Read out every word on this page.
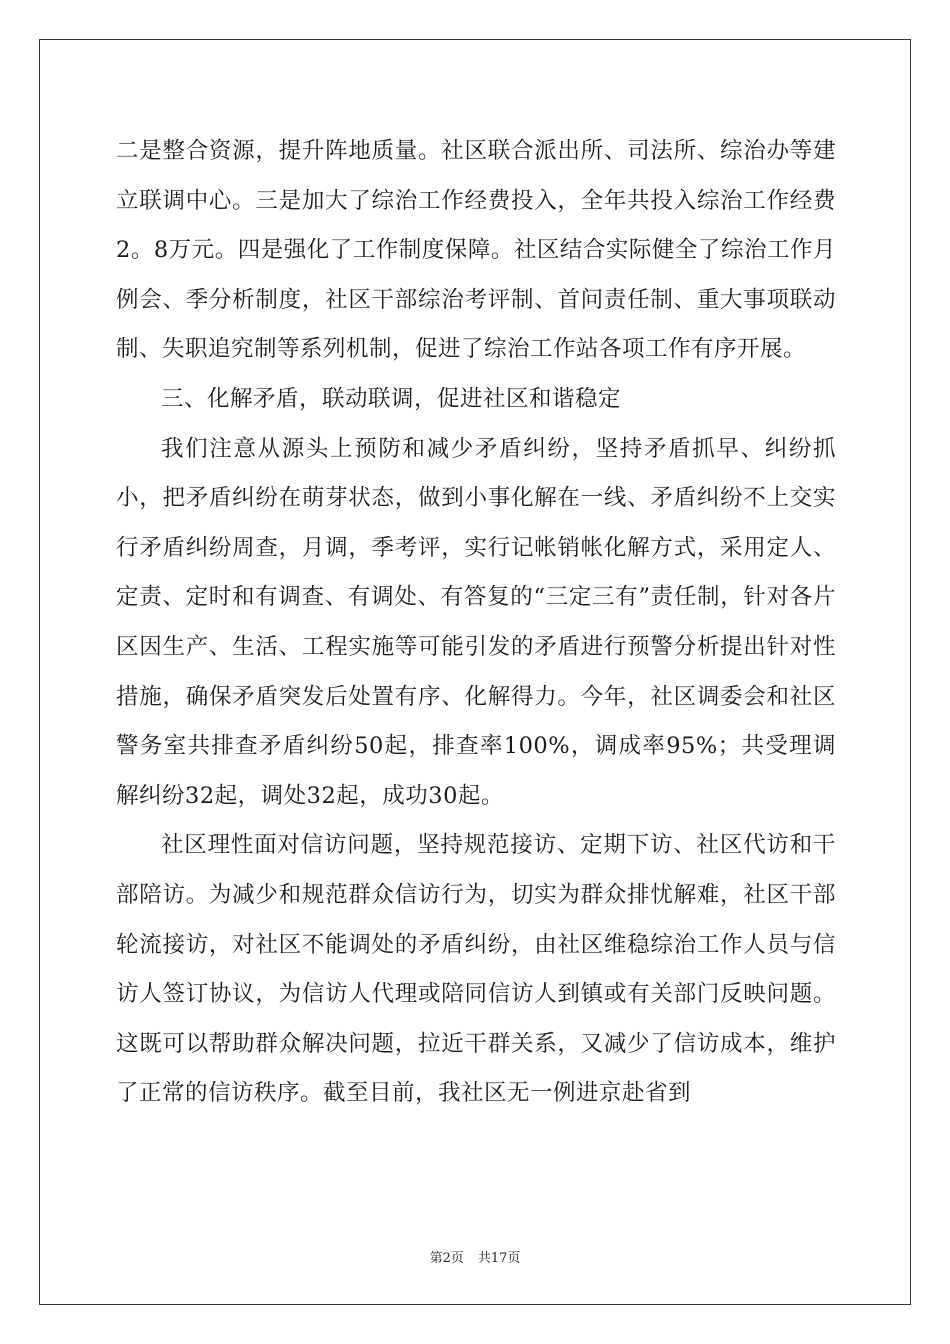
二是整合资源，提升阵地质量。社区联合派出所、司法所、综治办等建立联调中心。三是加大了综治工作经费投入，全年共投入综治工作经费2。8万元。四是强化了工作制度保障。社区结合实际健全了综治工作月例会、季分析制度，社区干部综治考评制、首问责任制、重大事项联动制、失职追究制等系列机制，促进了综治工作站各项工作有序开展。

三、化解矛盾，联动联调，促进社区和谐稳定

我们注意从源头上预防和减少矛盾纠纷，坚持矛盾抓早、纠纷抓小，把矛盾纠纷在萌芽状态，做到小事化解在一线、矛盾纠纷不上交实行矛盾纠纷周查，月调，季考评，实行记帐销帐化解方式，采用定人、定责、定时和有调查、有调处、有答复的“三定三有”责任制，针对各片区因生产、生活、工程实施等可能引发的矛盾进行预警分析提出针对性措施，确保矛盾突发后处置有序、化解得力。今年，社区调委会和社区警务室共排查矛盾纠纷50起，排查率100%，调成率95%；共受理调解纠纷32起，调处32起，成功30起。

社区理性面对信访问题，坚持规范接访、定期下访、社区代访和干部陪访。为减少和规范群众信访行为，切实为群众排忧解难，社区干部轮流接访，对社区不能调处的矛盾纠纷，由社区维稳综治工作人员与信访人签订协议，为信访人代理或陪同信访人到镇或有关部门反映问题。这既可以帮助群众解决问题，拉近干群关系，又减少了信访成本，维护了正常的信访秩序。截至目前，我社区无一例进京赴省到

第2页 共17页
